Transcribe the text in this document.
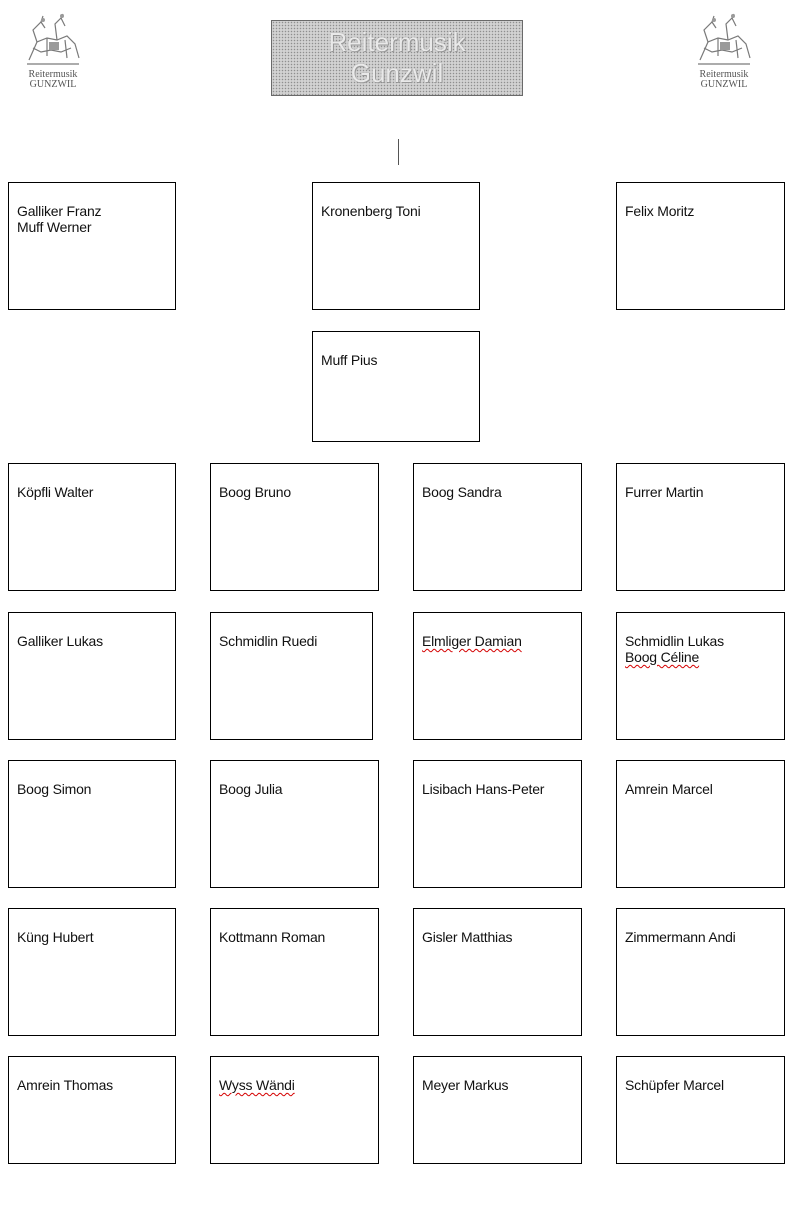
Reitermusik
GUNZWIL
Reitermusik
Gunzwil	Reitermusik
GUNZWIL
Galliker Franz
Muff Werner
Kronenberg Toni	Felix Moritz
Muff Pius
Köpfli Walter	Boog Bruno	Boog Sandra	Furrer Martin
Galliker Lukas	Schmidlin Ruedi	Elmliger Damian	Schmidlin Lukas
Boog Céline
Boog Simon	Boog Julia	Lisibach Hans-Peter	Amrein Marcel
Küng Hubert	Kottmann Roman	Gisler Matthias	Zimmermann Andi
Amrein Thomas	Wyss Wändi	Meyer Markus	Schüpfer Marcel
